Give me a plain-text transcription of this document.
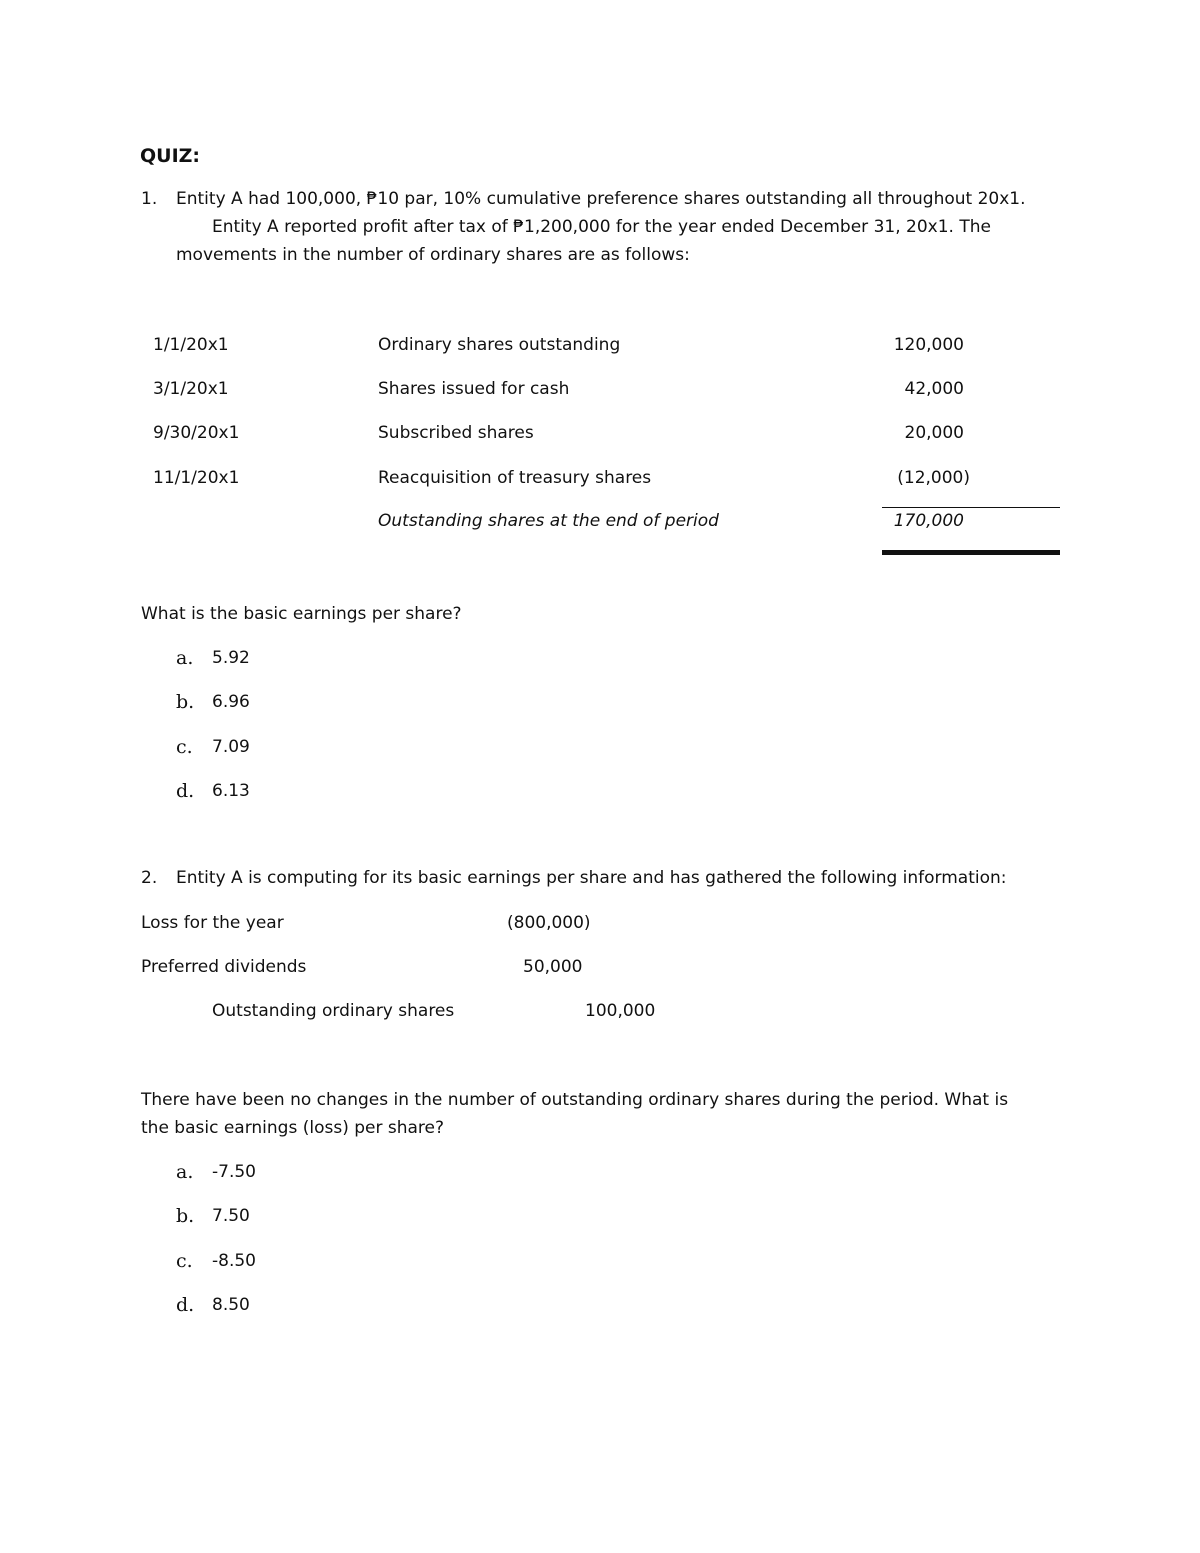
QUIZ:
1. Entity A had 100,000, ₱10 par, 10% cumulative preference shares outstanding all throughout 20x1.
Entity A reported profit after tax of ₱1,200,000 for the year ended December 31, 20x1. The
movements in the number of ordinary shares are as follows:
1/1/20x1	Ordinary shares outstanding	120,000
3/1/20x1	Shares issued for cash	42,000
9/30/20x1	Subscribed shares	20,000
11/1/20x1	Reacquisition of treasury shares	(12,000)
Outstanding shares at the end of period	170,000
What is the basic earnings per share?
a. 5.92
b. 6.96
c. 7.09
d. 6.13
2. Entity A is computing for its basic earnings per share and has gathered the following information:
Loss for the year	(800,000)
Preferred dividends	50,000
Outstanding ordinary shares	100,000
There have been no changes in the number of outstanding ordinary shares during the period. What is
the basic earnings (loss) per share?
a. -7.50
b. 7.50
c. -8.50
d. 8.50
